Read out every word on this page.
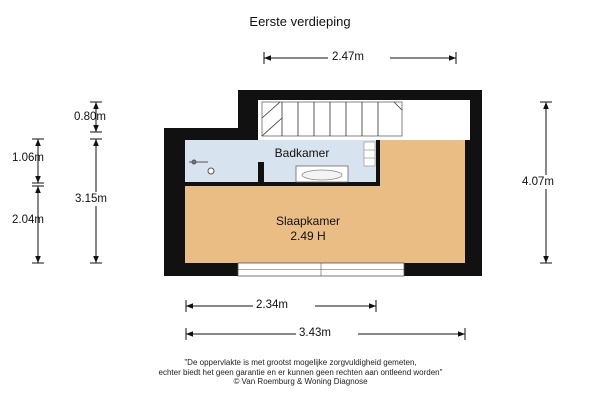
Eerste verdieping
2.47m
0.80m
1.06m
2.04m
3.15m
4.07m
2.34m
3.43m
Badkamer
Slaapkamer
2.49 H
"De oppervlakte is met grootst mogelijke zorgvuldigheid gemeten,
echter biedt het geen garantie en er kunnen geen rechten aan ontleend worden"
© Van Roemburg & Woning Diagnose
